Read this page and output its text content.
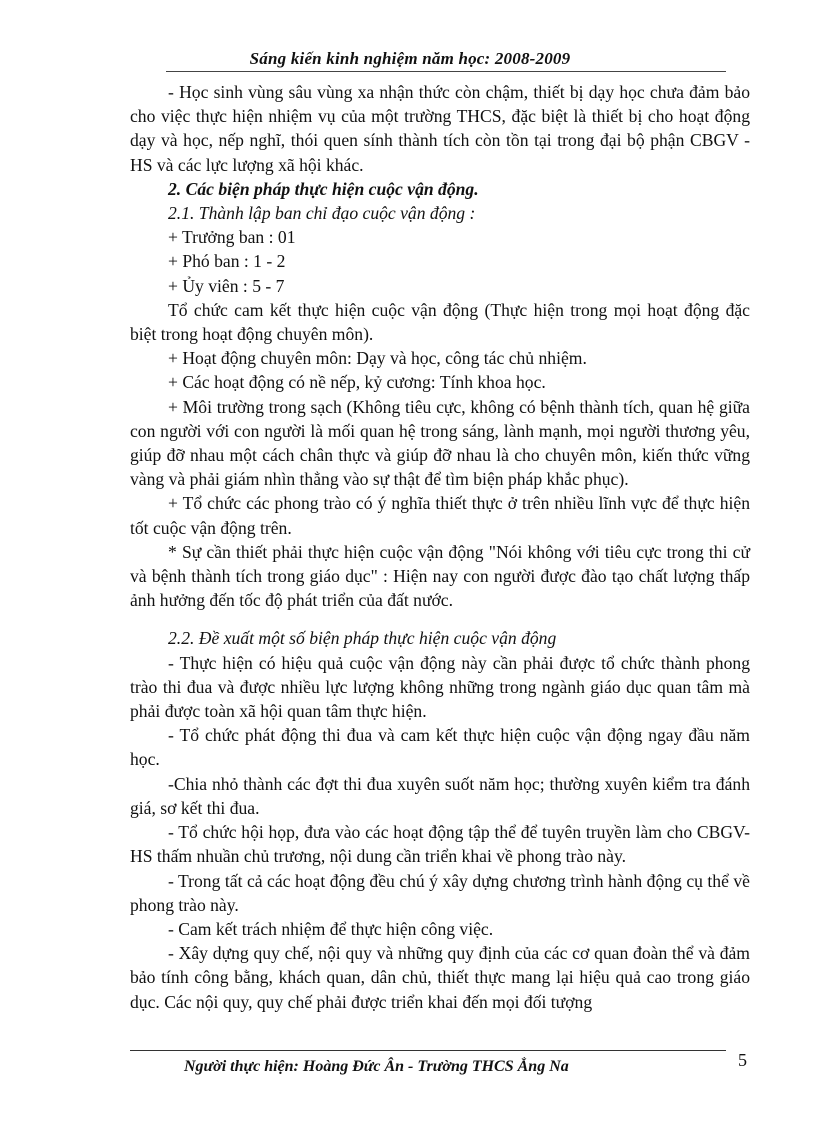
Sáng kiến kinh nghiệm năm học: 2008-2009

- Học sinh vùng sâu vùng xa nhận thức còn chậm, thiết bị dạy học chưa đảm bảo cho việc thực hiện nhiệm vụ của một trường THCS, đặc biệt là thiết bị cho hoạt động dạy và học, nếp nghĩ, thói quen sính thành tích còn tồn tại trong đại bộ phận CBGV - HS và các lực lượng xã hội khác.

2. Các biện pháp thực hiện cuộc vận động.

2.1. Thành lập ban chỉ đạo cuộc vận động :

+ Trưởng ban : 01

+ Phó ban : 1 - 2

+ Ủy viên : 5 - 7

Tổ chức cam kết thực hiện cuộc vận động (Thực hiện trong mọi hoạt động đặc biệt trong hoạt động chuyên môn).

+ Hoạt động chuyên môn: Dạy và học, công tác chủ nhiệm.

+ Các hoạt động có nề nếp, kỷ cương: Tính khoa học.

+ Môi trường trong sạch (Không tiêu cực, không có bệnh thành tích, quan hệ giữa con người với con người là mối quan hệ trong sáng, lành mạnh, mọi người thương yêu, giúp đỡ nhau một cách chân thực và giúp đỡ nhau là cho chuyên môn, kiến thức vững vàng và phải giám nhìn thẳng vào sự thật để tìm biện pháp khắc phục).

+ Tổ chức các phong trào có ý nghĩa thiết thực ở trên nhiều lĩnh vực để thực hiện tốt cuộc vận động trên.

* Sự cần thiết phải thực hiện cuộc vận động "Nói không với tiêu cực trong thi cử và bệnh thành tích trong giáo dục" : Hiện nay con người được đào tạo chất lượng thấp ảnh hưởng đến tốc độ phát triển của đất nước.

2.2. Đề xuất một số biện pháp thực hiện cuộc vận động

- Thực hiện có hiệu quả cuộc vận động này cần phải được tổ chức thành phong trào thi đua và được nhiều lực lượng không những trong ngành giáo dục quan tâm mà phải được toàn xã hội quan tâm thực hiện.

- Tổ chức phát động thi đua và cam kết thực hiện cuộc vận động ngay đầu năm học.

-Chia nhỏ thành các đợt thi đua xuyên suốt năm học; thường xuyên kiểm tra đánh giá, sơ kết thi đua.

- Tổ chức hội họp, đưa vào các hoạt động tập thể để tuyên truyền làm cho CBGV-HS thấm nhuần chủ trương, nội dung cần triển khai về phong trào này.

- Trong tất cả các hoạt động đều chú ý xây dựng chương trình hành động cụ thể về phong trào này.

- Cam kết trách nhiệm để thực hiện công việc.

- Xây dựng quy chế, nội quy và những quy định của các cơ quan đoàn thể và đảm bảo tính công bằng, khách quan, dân chủ, thiết thực mang lại hiệu quả cao trong giáo dục. Các nội quy, quy chế phải được triển khai đến mọi đối tượng

Người thực hiện: Hoàng Đức Ân - Trường THCS Ẳng Na	5
